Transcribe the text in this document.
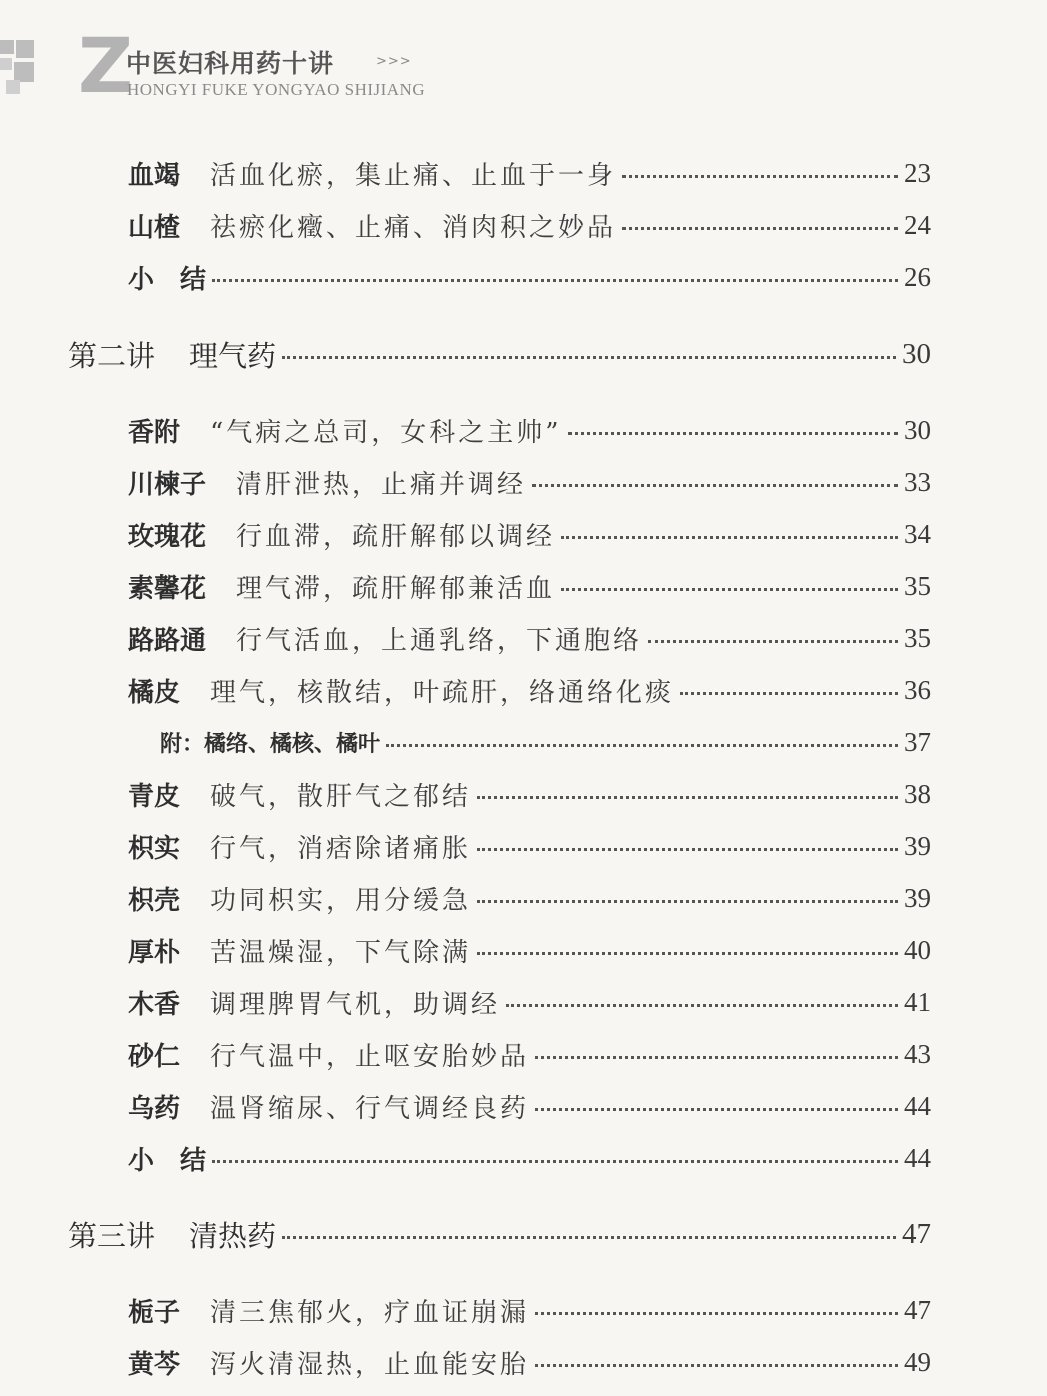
Z
中医妇科用药十讲	>>>
HONGYI FUKE YONGYAO SHIJIANG
血竭 活血化瘀，集止痛、止血于一身	23
山楂 祛瘀化癥、止痛、消肉积之妙品	24
小　结	26
第二讲 理气药	30
香附 “气病之总司，女科之主帅”	30
川楝子 清肝泄热，止痛并调经	33
玫瑰花 行血滞，疏肝解郁以调经	34
素馨花 理气滞，疏肝解郁兼活血	35
路路通 行气活血，上通乳络，下通胞络	35
橘皮 理气，核散结，叶疏肝，络通络化痰	36
附：橘络、橘核、橘叶	37
青皮 破气，散肝气之郁结	38
枳实 行气，消痞除诸痛胀	39
枳壳 功同枳实，用分缓急	39
厚朴 苦温燥湿，下气除满	40
木香 调理脾胃气机，助调经	41
砂仁 行气温中，止呕安胎妙品	43
乌药 温肾缩尿、行气调经良药	44
小　结	44
第三讲 清热药	47
栀子 清三焦郁火，疗血证崩漏	47
黄芩 泻火清湿热，止血能安胎	49
